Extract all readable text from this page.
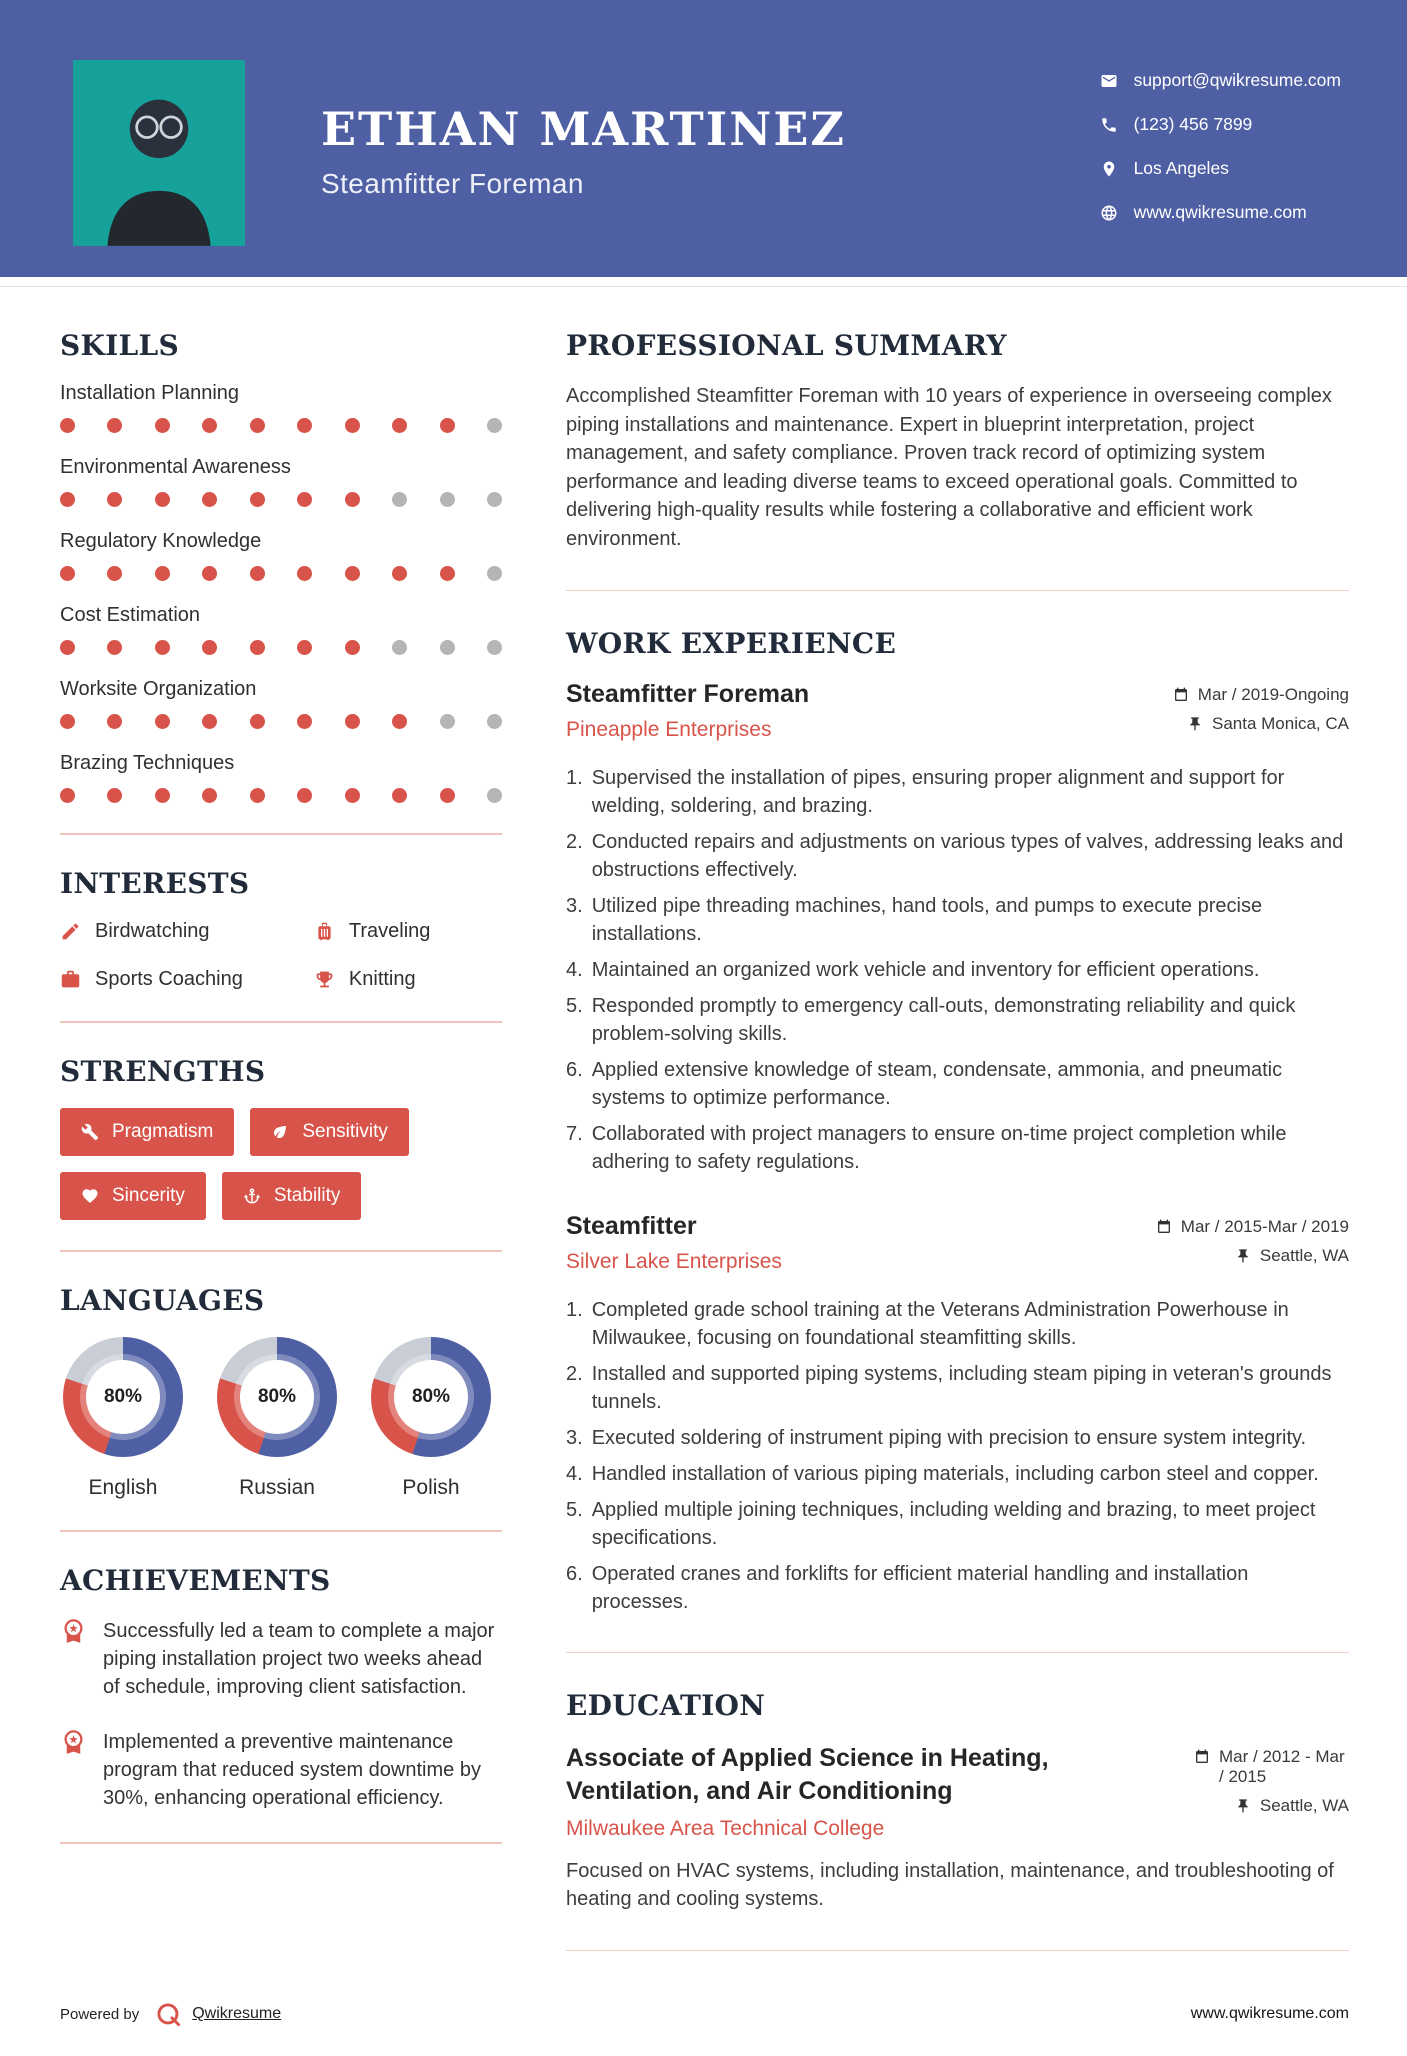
ETHAN MARTINEZ
Steamfitter Foreman
support@qwikresume.com
(123) 456 7899
Los Angeles
www.qwikresume.com
SKILLS
Installation Planning
Environmental Awareness
Regulatory Knowledge
Cost Estimation
Worksite Organization
Brazing Techniques
INTERESTS
Birdwatching	Traveling
Sports Coaching	Knitting
STRENGTHS
Pragmatism	Sensitivity
Sincerity	Stability
LANGUAGES
80%
English
80%
Russian
80%
Polish
ACHIEVEMENTS
Successfully led a team to complete a major piping installation project two weeks ahead of schedule, improving client satisfaction.
Implemented a preventive maintenance program that reduced system downtime by 30%, enhancing operational efficiency.
PROFESSIONAL SUMMARY

Accomplished Steamfitter Foreman with 10 years of experience in overseeing complex piping installations and maintenance. Expert in blueprint interpretation, project management, and safety compliance. Proven track record of optimizing system performance and leading diverse teams to exceed operational goals. Committed to delivering high-quality results while fostering a collaborative and efficient work environment.

WORK EXPERIENCE
Steamfitter Foreman
Pineapple Enterprises
Mar / 2019-Ongoing
Santa Monica, CA
1. Supervised the installation of pipes, ensuring proper alignment and support for welding, soldering, and brazing.
2. Conducted repairs and adjustments on various types of valves, addressing leaks and obstructions effectively.
3. Utilized pipe threading machines, hand tools, and pumps to execute precise installations.
4. Maintained an organized work vehicle and inventory for efficient operations.
5. Responded promptly to emergency call-outs, demonstrating reliability and quick problem-solving skills.
6. Applied extensive knowledge of steam, condensate, ammonia, and pneumatic systems to optimize performance.
7. Collaborated with project managers to ensure on-time project completion while adhering to safety regulations.
Steamfitter
Silver Lake Enterprises
Mar / 2015-Mar / 2019
Seattle, WA
1. Completed grade school training at the Veterans Administration Powerhouse in Milwaukee, focusing on foundational steamfitting skills.
2. Installed and supported piping systems, including steam piping in veteran's grounds tunnels.
3. Executed soldering of instrument piping with precision to ensure system integrity.
4. Handled installation of various piping materials, including carbon steel and copper.
5. Applied multiple joining techniques, including welding and brazing, to meet project specifications.
6. Operated cranes and forklifts for efficient material handling and installation processes.
EDUCATION
Associate of Applied Science in Heating, Ventilation, and Air Conditioning
Milwaukee Area Technical College
Mar / 2012 - Mar / 2015
Seattle, WA

Focused on HVAC systems, including installation, maintenance, and troubleshooting of heating and cooling systems.

Powered by	Qwikresume	www.qwikresume.com
